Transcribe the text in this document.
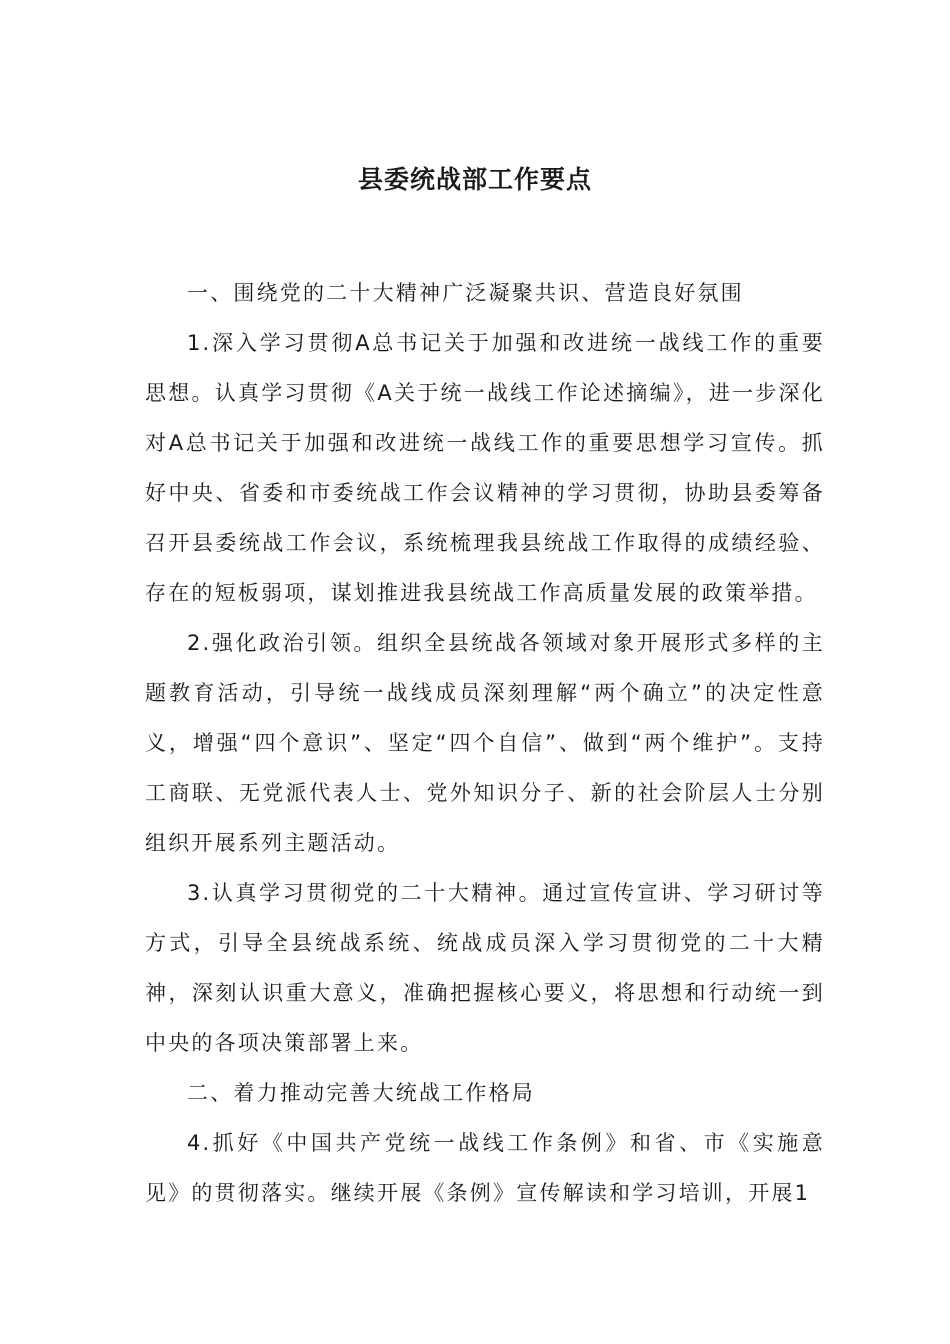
县委统战部工作要点

一、围绕党的二十大精神广泛凝聚共识、营造良好氛围

1.深入学习贯彻A总书记关于加强和改进统一战线工作的重要思想。认真学习贯彻《A关于统一战线工作论述摘编》，进一步深化对A总书记关于加强和改进统一战线工作的重要思想学习宣传。抓好中央、省委和市委统战工作会议精神的学习贯彻，协助县委筹备召开县委统战工作会议，系统梳理我县统战工作取得的成绩经验、存在的短板弱项，谋划推进我县统战工作高质量发展的政策举措。

2.强化政治引领。组织全县统战各领域对象开展形式多样的主题教育活动，引导统一战线成员深刻理解“两个确立”的决定性意义，增强“四个意识”、坚定“四个自信”、做到“两个维护”。支持工商联、无党派代表人士、党外知识分子、新的社会阶层人士分别组织开展系列主题活动。

3.认真学习贯彻党的二十大精神。通过宣传宣讲、学习研讨等方式，引导全县统战系统、统战成员深入学习贯彻党的二十大精神，深刻认识重大意义，准确把握核心要义，将思想和行动统一到中央的各项决策部署上来。

二、着力推动完善大统战工作格局

4.抓好《中国共产党统一战线工作条例》和省、市《实施意见》的贯彻落实。继续开展《条例》宣传解读和学习培训，开展1
